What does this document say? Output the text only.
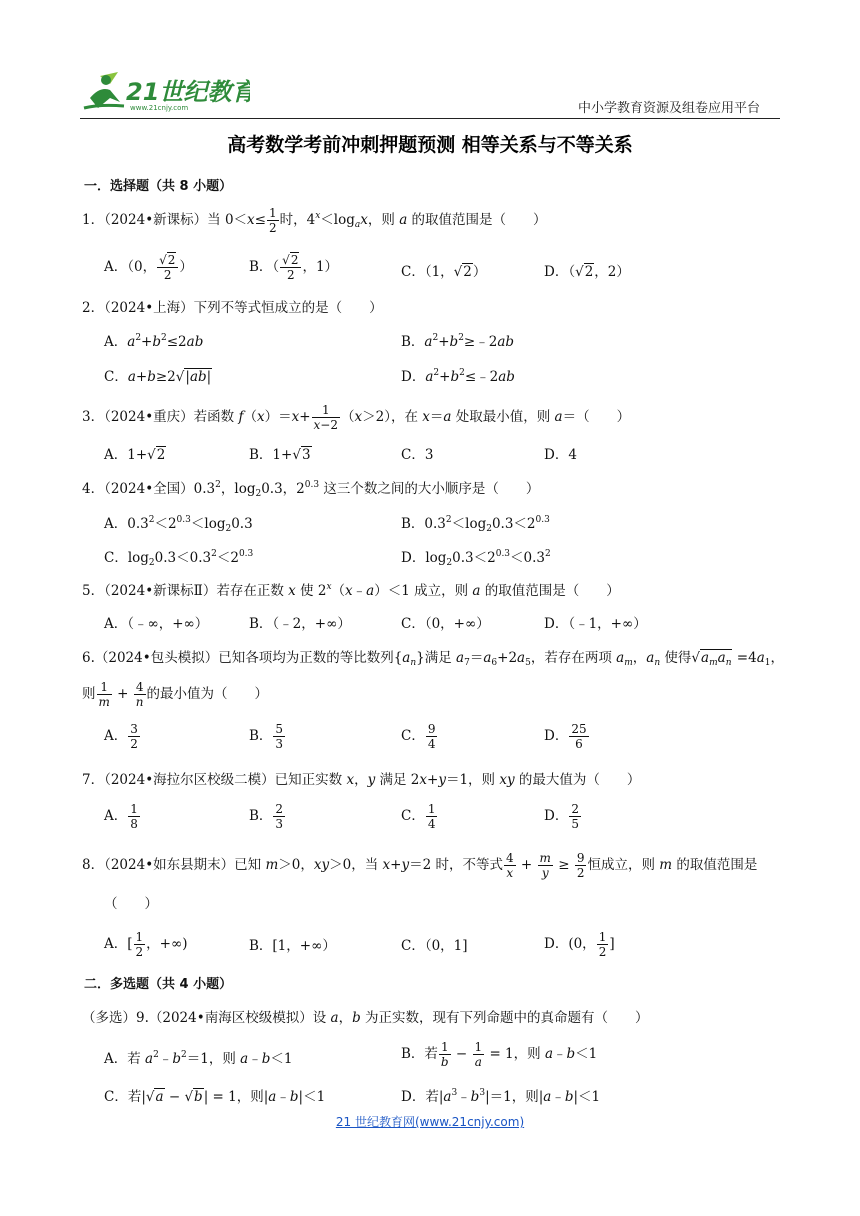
21世纪教育
www.21cnjy.com	中小学教育资源及组卷应用平台
高考数学考前冲刺押题预测 相等关系与不等关系
一．选择题（共 8 小题）
1．（2024•新课标）当 $0<x\le \frac{1}{2}$ 时，$4^x<\log_ax$，则 a 的取值范围是（　　）
A．（0， $\frac{√2}{2}$ ）	B．（ $\frac{√2}{2}$ ，1）	C．（1，√2）	D．（√2，2）
2．（2024•上海）下列不等式恒成立的是（　　）
A．$a^2+b^2\le 2ab$	B．$a^2+b^2\ge﹣2ab$
C．a+b≥2√|ab|	D．$a^2+b^2\le﹣2ab$
3．（2024•重庆）若函数 $f(x)=x+ \frac{1}{x-2} (x>2)$，在 x＝a 处取最小值，则 a＝（　　）
A．1+√2	B．1+√3	C．3	D．4
4．（2024•全国）$0.3^2$，$\log_20.3$，$2^{0.3}$ 这三个数之间的大小顺序是（　　）
A．$0.3^2<2^{0.3}<\log_20.3$	B．$0.3^2<\log_20.3<2^{0.3}$
C．$\log_20.3<0.3^2<2^{0.3}$	D．$\log_20.3<2^{0.3}<0.3^2$
5．（2024•新课标Ⅱ）若存在正数 x 使 $2^x(x﹣a)<1$ 成立，则 a 的取值范围是（　　）
A．（﹣∞，+∞）	B．（﹣2，+∞）	C．（0，+∞）	D．（﹣1，+∞）
6.（2024•包头模拟）已知各项均为正数的等比数列$\{a_n\}$满足 $a_7=a_6+2a_5$，若存在两项 $a_m$，$a_n$ 使得$√a_ma_n =4a_1$，
则 $\frac{1}{m} + \frac{4}{n}$ 的最小值为（　　）
A． $\frac{3}{2}$	B． $\frac{5}{3}$	C． $\frac{9}{4}$	D． $\frac{25}{6}$
7．（2024•海拉尔区校级二模）已知正实数 x，y 满足 2x+y＝1，则 xy 的最大值为（　　）
A． $\frac{1}{8}$	B． $\frac{2}{3}$	C． $\frac{1}{4}$	D． $\frac{2}{5}$
8．（2024•如东县期末）已知 m＞0，xy＞0，当 x+y＝2 时，不等式 $\frac{4}{x} + \frac{m}{y} \ge \frac{9}{2}$ 恒成立，则 m 的取值范围是
（　　）
A．[ $\frac{1}{2}$ ，+∞)	B．[1，+∞）	C．（0，1]	D．(0， $\frac{1}{2}$ ]
二．多选题（共 4 小题）
（多选）9.（2024•南海区校级模拟）设 a，b 为正实数，现有下列命题中的真命题有（　　）
A．若 $a^2﹣b^2=1$，则 a﹣b＜1	B．若 $\frac{1}{b} - \frac{1}{a} = 1$，则 a﹣b＜1
C．若|√a − √b| = 1，则|a﹣b|＜1	D．若$|a^3﹣b^3|=1$，则|a﹣b|＜1
21 世纪教育网(www.21cnjy.com)
